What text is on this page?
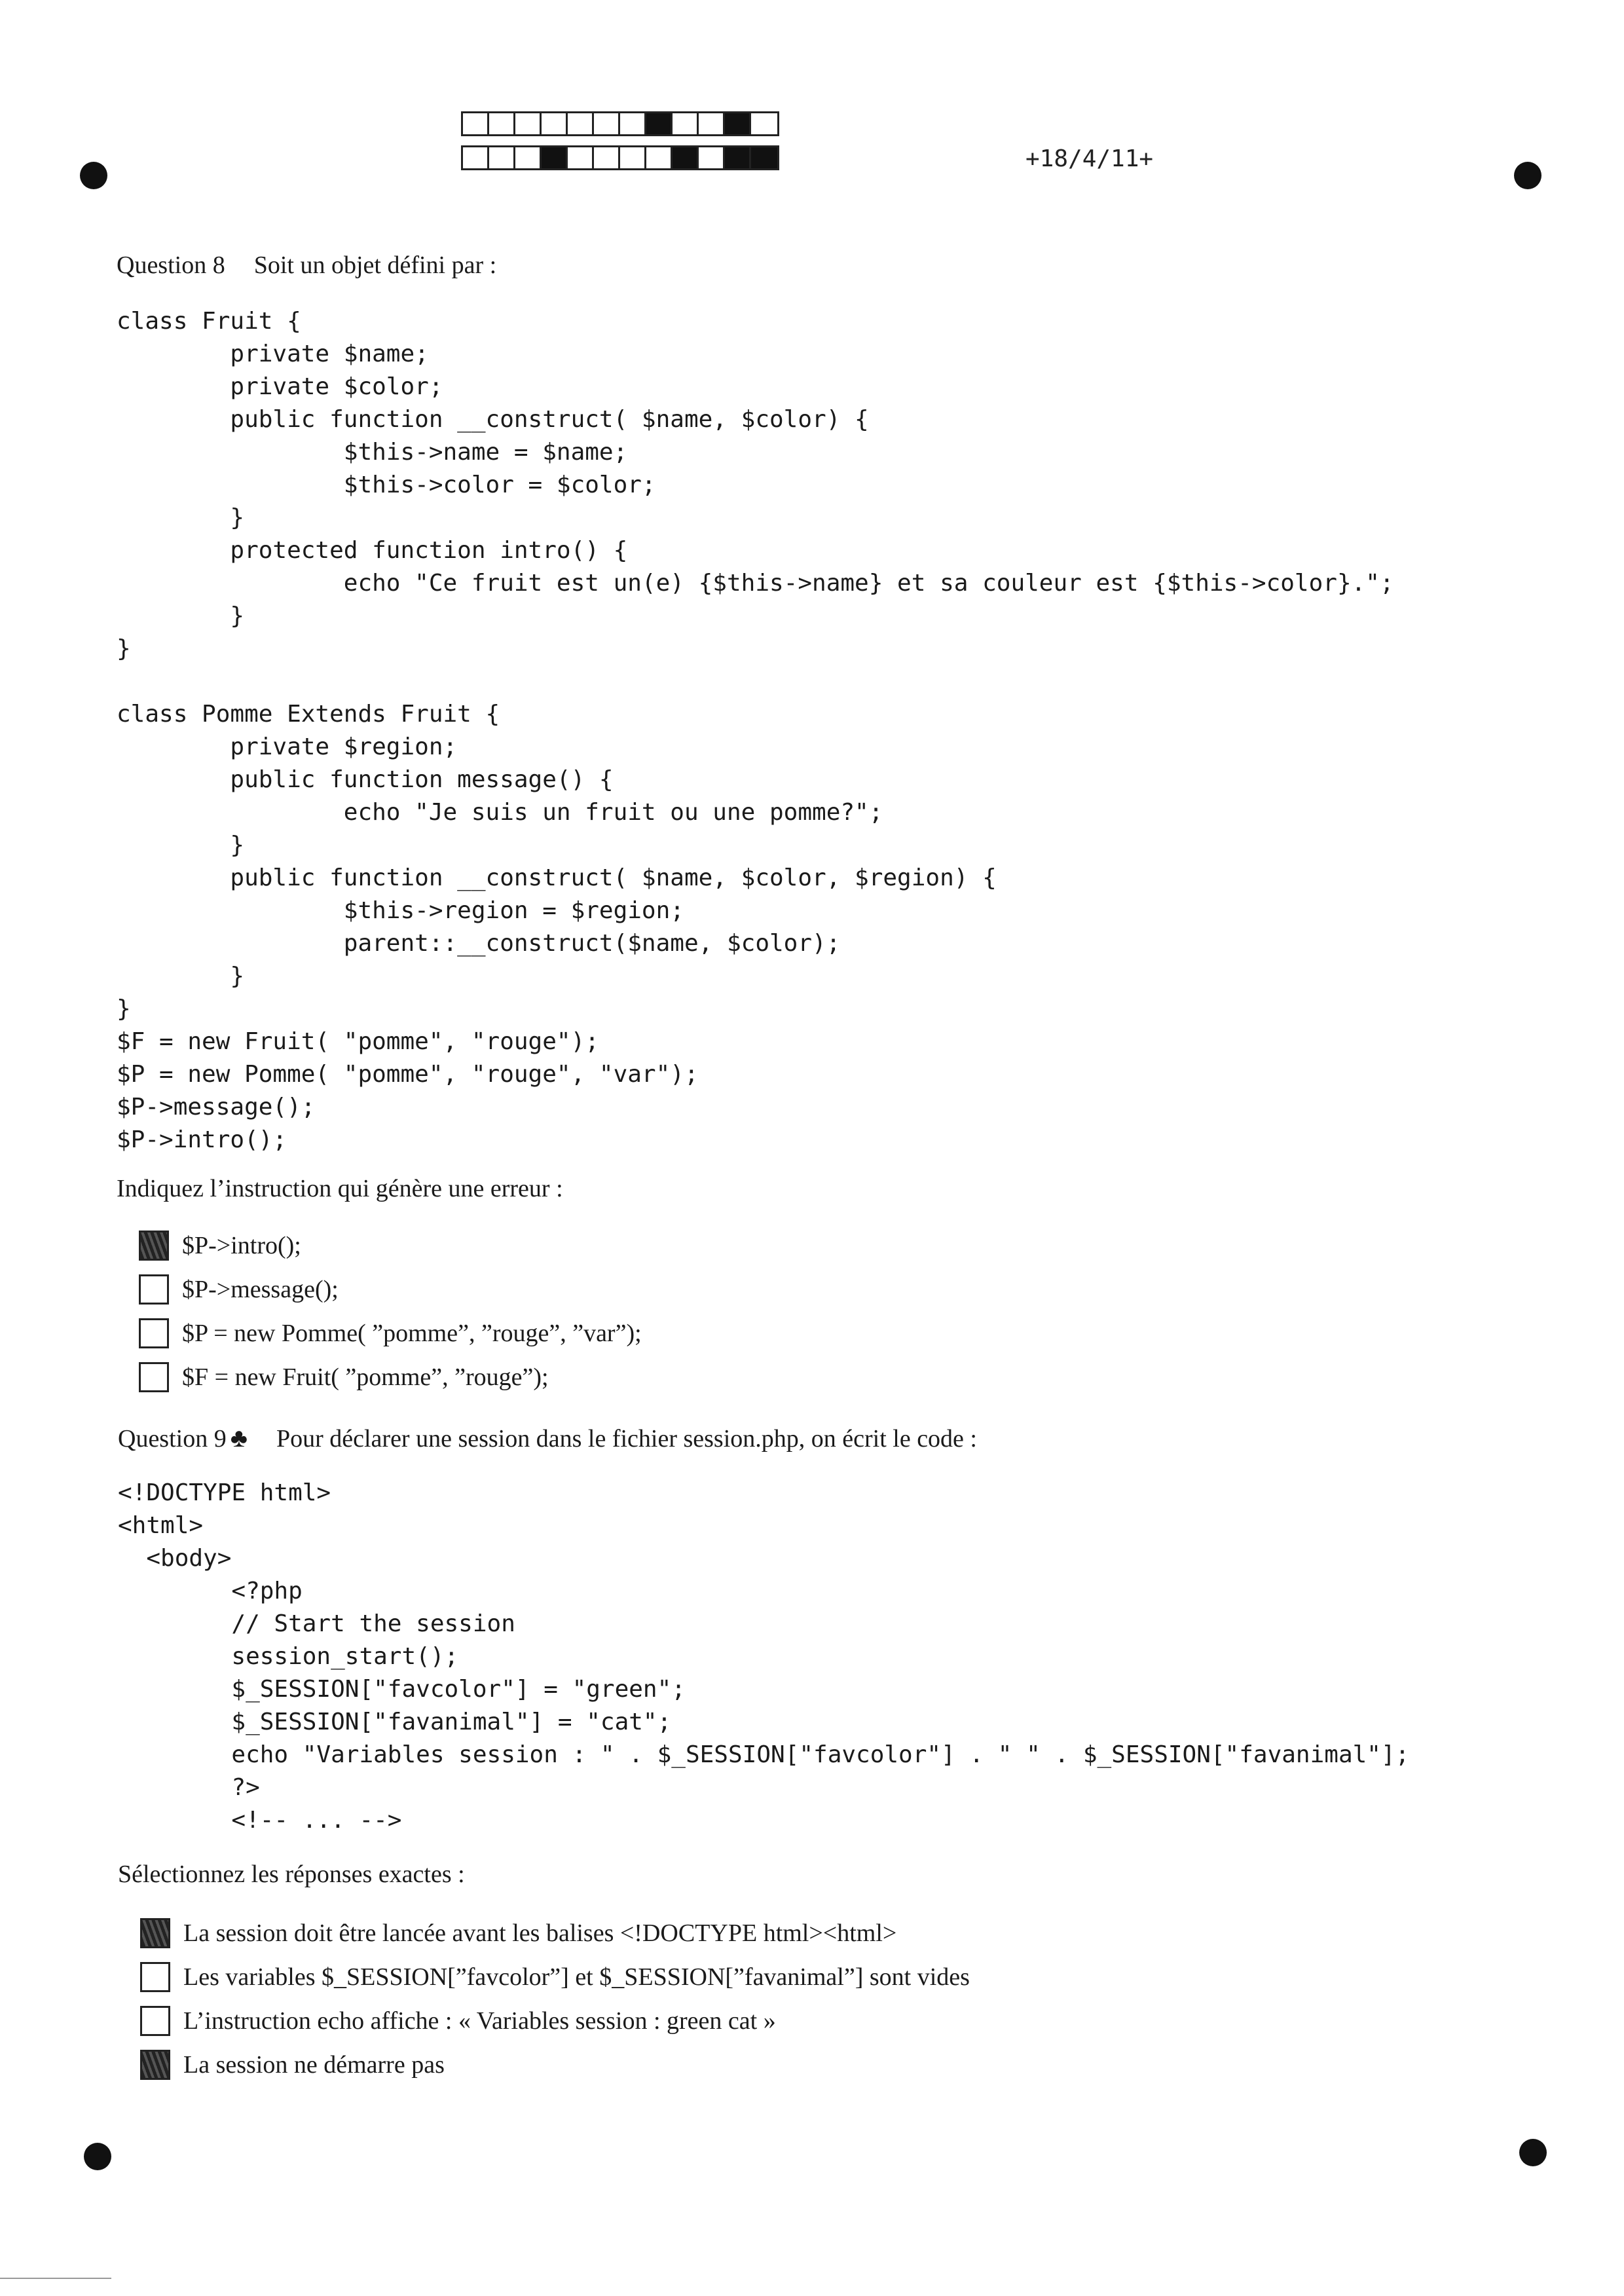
+18/4/11+
Question 8 Soit un objet défini par :
class Fruit {
private $name;
private $color;
public function __construct( $name, $color) {
$this->name = $name;
$this->color = $color;
}
protected function intro() {
echo "Ce fruit est un(e) {$this->name} et sa couleur est {$this->color}.";
}
}

class Pomme Extends Fruit {
private $region;
public function message() {
echo "Je suis un fruit ou une pomme?";
}
public function __construct( $name, $color, $region) {
$this->region = $region;
parent::__construct($name, $color);
}
}
$F = new Fruit( "pomme", "rouge");
$P = new Pomme( "pomme", "rouge", "var");
$P->message();
$P->intro();
Indiquez l’instruction qui génère une erreur :
$P->intro();
$P->message();
$P = new Pomme( ”pomme”, ”rouge”, ”var”);
$F = new Fruit( ”pomme”, ”rouge”);
Question 9 ♣ Pour déclarer une session dans le fichier session.php, on écrit le code :
<!DOCTYPE html>
<html>
<body>
<?php
// Start the session
session_start();
$_SESSION["favcolor"] = "green";
$_SESSION["favanimal"] = "cat";
echo "Variables session : " . $_SESSION["favcolor"] . " " . $_SESSION["favanimal"];
?>
<!-- ... -->
Sélectionnez les réponses exactes :
La session doit être lancée avant les balises <!DOCTYPE html><html>
Les variables $_SESSION[”favcolor”] et $_SESSION[”favanimal”] sont vides
L’instruction echo affiche : « Variables session : green cat »
La session ne démarre pas
